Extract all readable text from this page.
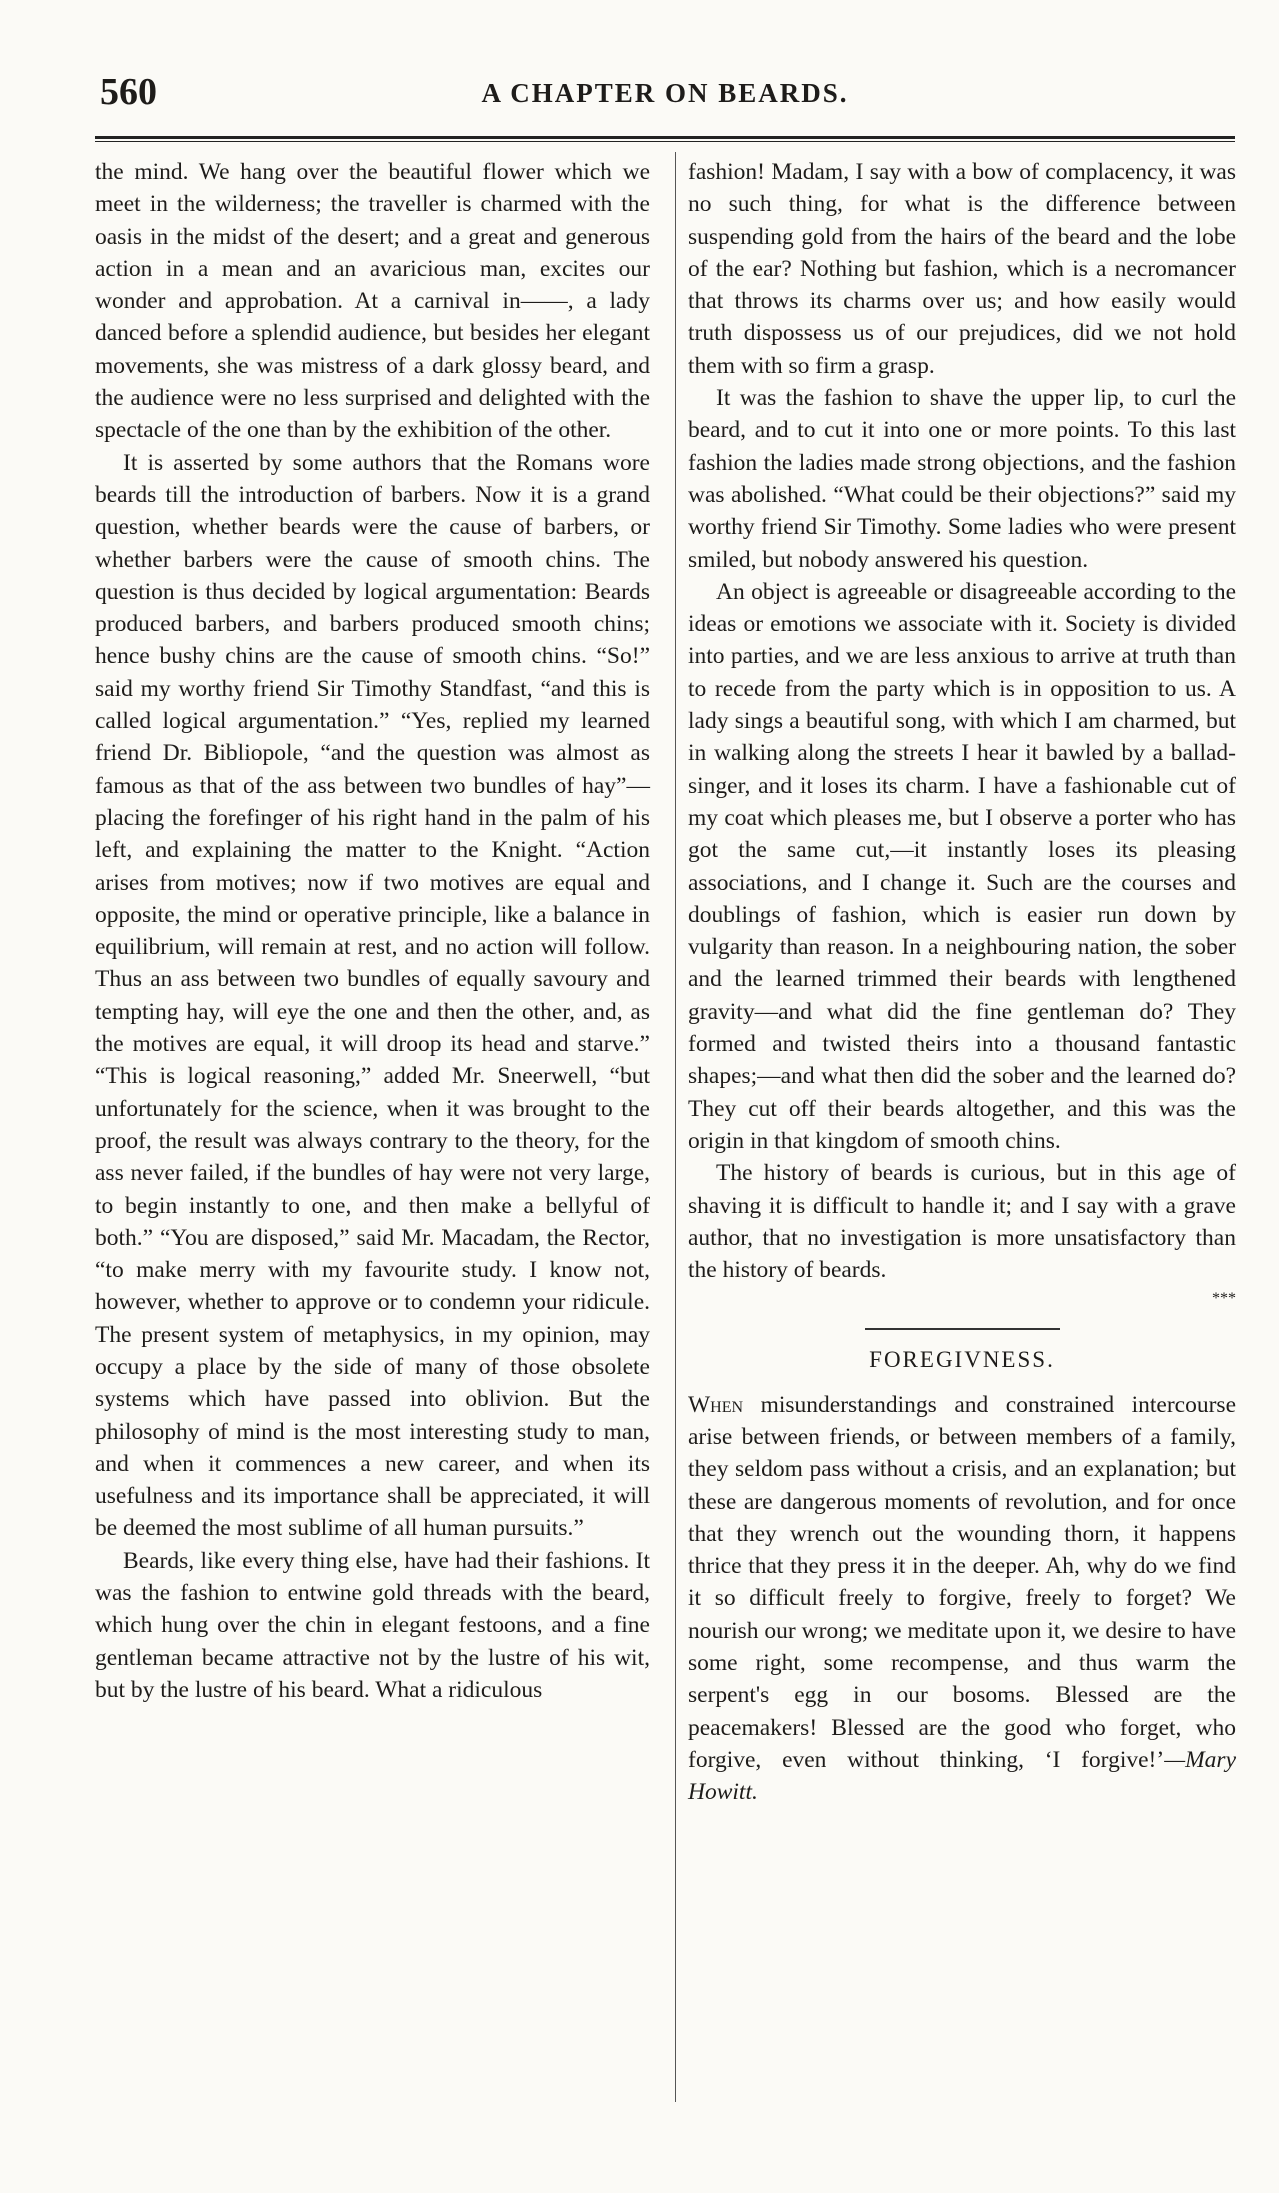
560	A CHAPTER ON BEARDS.

the mind. We hang over the beautiful flower which we meet in the wilderness; the traveller is charmed with the oasis in the midst of the desert; and a great and generous action in a mean and an avaricious man, excites our wonder and approbation. At a carnival in——, a lady danced before a splendid audience, but besides her elegant movements, she was mistress of a dark glossy beard, and the audience were no less surprised and delighted with the spectacle of the one than by the exhibition of the other.

It is asserted by some authors that the Romans wore beards till the introduction of barbers. Now it is a grand question, whether beards were the cause of barbers, or whether barbers were the cause of smooth chins. The question is thus decided by logical argumentation: Beards produced barbers, and barbers produced smooth chins; hence bushy chins are the cause of smooth chins. “So!” said my worthy friend Sir Timothy Standfast, “and this is called logical argumentation.” “Yes, replied my learned friend Dr. Bibliopole, “and the question was almost as famous as that of the ass between two bundles of hay”—placing the forefinger of his right hand in the palm of his left, and explaining the matter to the Knight. “Action arises from motives; now if two motives are equal and opposite, the mind or operative principle, like a balance in equilibrium, will remain at rest, and no action will follow. Thus an ass between two bundles of equally savoury and tempting hay, will eye the one and then the other, and, as the motives are equal, it will droop its head and starve.” “This is logical reasoning,” added Mr. Sneerwell, “but unfortunately for the science, when it was brought to the proof, the result was always contrary to the theory, for the ass never failed, if the bundles of hay were not very large, to begin instantly to one, and then make a bellyful of both.” “You are disposed,” said Mr. Macadam, the Rector, “to make merry with my favourite study. I know not, however, whether to approve or to condemn your ridicule. The present system of metaphysics, in my opinion, may occupy a place by the side of many of those obsolete systems which have passed into oblivion. But the philosophy of mind is the most interesting study to man, and when it commences a new career, and when its usefulness and its importance shall be appreciated, it will be deemed the most sublime of all human pursuits.”

Beards, like every thing else, have had their fashions. It was the fashion to entwine gold threads with the beard, which hung over the chin in elegant festoons, and a fine gentleman became attractive not by the lustre of his wit, but by the lustre of his beard. What a ridiculous

fashion! Madam, I say with a bow of complacency, it was no such thing, for what is the difference between suspending gold from the hairs of the beard and the lobe of the ear? Nothing but fashion, which is a necromancer that throws its charms over us; and how easily would truth dispossess us of our prejudices, did we not hold them with so firm a grasp.

It was the fashion to shave the upper lip, to curl the beard, and to cut it into one or more points. To this last fashion the ladies made strong objections, and the fashion was abolished. “What could be their objections?” said my worthy friend Sir Timothy. Some ladies who were present smiled, but nobody answered his question.

An object is agreeable or disagreeable according to the ideas or emotions we associate with it. Society is divided into parties, and we are less anxious to arrive at truth than to recede from the party which is in opposition to us. A lady sings a beautiful song, with which I am charmed, but in walking along the streets I hear it bawled by a ballad-singer, and it loses its charm. I have a fashionable cut of my coat which pleases me, but I observe a porter who has got the same cut,—it instantly loses its pleasing associations, and I change it. Such are the courses and doublings of fashion, which is easier run down by vulgarity than reason. In a neighbouring nation, the sober and the learned trimmed their beards with lengthened gravity—and what did the fine gentleman do? They formed and twisted theirs into a thousand fantastic shapes;—and what then did the sober and the learned do? They cut off their beards altogether, and this was the origin in that kingdom of smooth chins.

The history of beards is curious, but in this age of shaving it is difficult to handle it; and I say with a grave author, that no investigation is more unsatisfactory than the history of beards.

***
FOREGIVNESS.

When misunderstandings and constrained intercourse arise between friends, or between members of a family, they seldom pass without a crisis, and an explanation; but these are dangerous moments of revolution, and for once that they wrench out the wounding thorn, it happens thrice that they press it in the deeper. Ah, why do we find it so difficult freely to forgive, freely to forget? We nourish our wrong; we meditate upon it, we desire to have some right, some recompense, and thus warm the serpent's egg in our bosoms. Blessed are the peacemakers! Blessed are the good who forget, who forgive, even without thinking, ‘I forgive!’—Mary Howitt.
